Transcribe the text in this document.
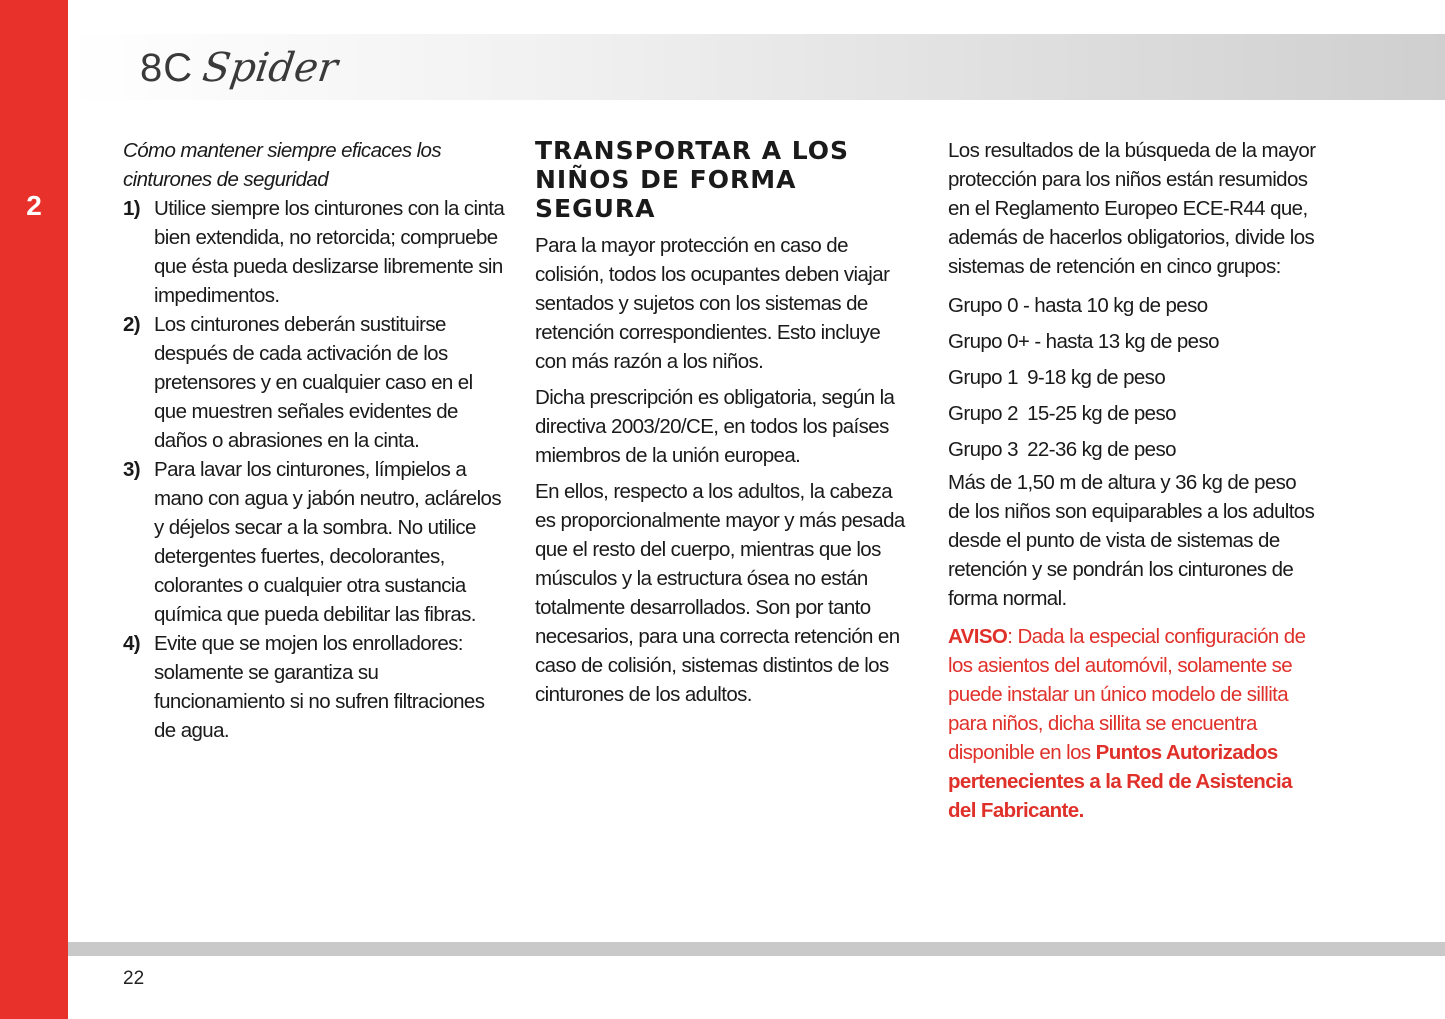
2
8C Spider

Cómo mantener siempre eficaces los
cinturones de seguridad

1) Utilice siempre los cinturones con la cinta bien extendida, no retorcida; compruebe que ésta pueda deslizarse libremente sin impedimentos.
2) Los cinturones deberán sustituirse después de cada activación de los pretensores y en cualquier caso en el que muestren señales evidentes de daños o abrasiones en la cinta.
3) Para lavar los cinturones, límpielos a mano con agua y jabón neutro, aclárelos y déjelos secar a la sombra. No utilice detergentes fuertes, decolorantes, colorantes o cualquier otra sustancia química que pueda debilitar las fibras.
4) Evite que se mojen los enrolladores: solamente se garantiza su funcionamiento si no sufren filtraciones de agua.
TRANSPORTAR A LOS
NIÑOS DE FORMA
SEGURA

Para la mayor protección en caso de colisión, todos los ocupantes deben viajar sentados y sujetos con los sistemas de retención correspondientes. Esto incluye con más razón a los niños.

Dicha prescripción es obligatoria, según la directiva 2003/20/CE, en todos los países miembros de la unión europea.

En ellos, respecto a los adultos, la cabeza es proporcionalmente mayor y más pesada que el resto del cuerpo, mientras que los músculos y la estructura ósea no están totalmente desarrollados. Son por tanto necesarios, para una correcta retención en caso de colisión, sistemas distintos de los cinturones de los adultos.

Los resultados de la búsqueda de la mayor protección para los niños están resumidos en el Reglamento Europeo ECE-R44 que, además de hacerlos obligatorios, divide los sistemas de retención en cinco grupos:

Grupo 0 - hasta 10 kg de peso

Grupo 0+ - hasta 13 kg de peso

Grupo 1 9-18 kg de peso

Grupo 2 15-25 kg de peso

Grupo 3 22-36 kg de peso

Más de 1,50 m de altura y 36 kg de peso de los niños son equiparables a los adultos desde el punto de vista de sistemas de retención y se pondrán los cinturones de forma normal.

AVISO: Dada la especial configuración de los asientos del automóvil, solamente se puede instalar un único modelo de sillita para niños, dicha sillita se encuentra disponible en los Puntos Autorizados pertenecientes a la Red de Asistencia del Fabricante.

22
